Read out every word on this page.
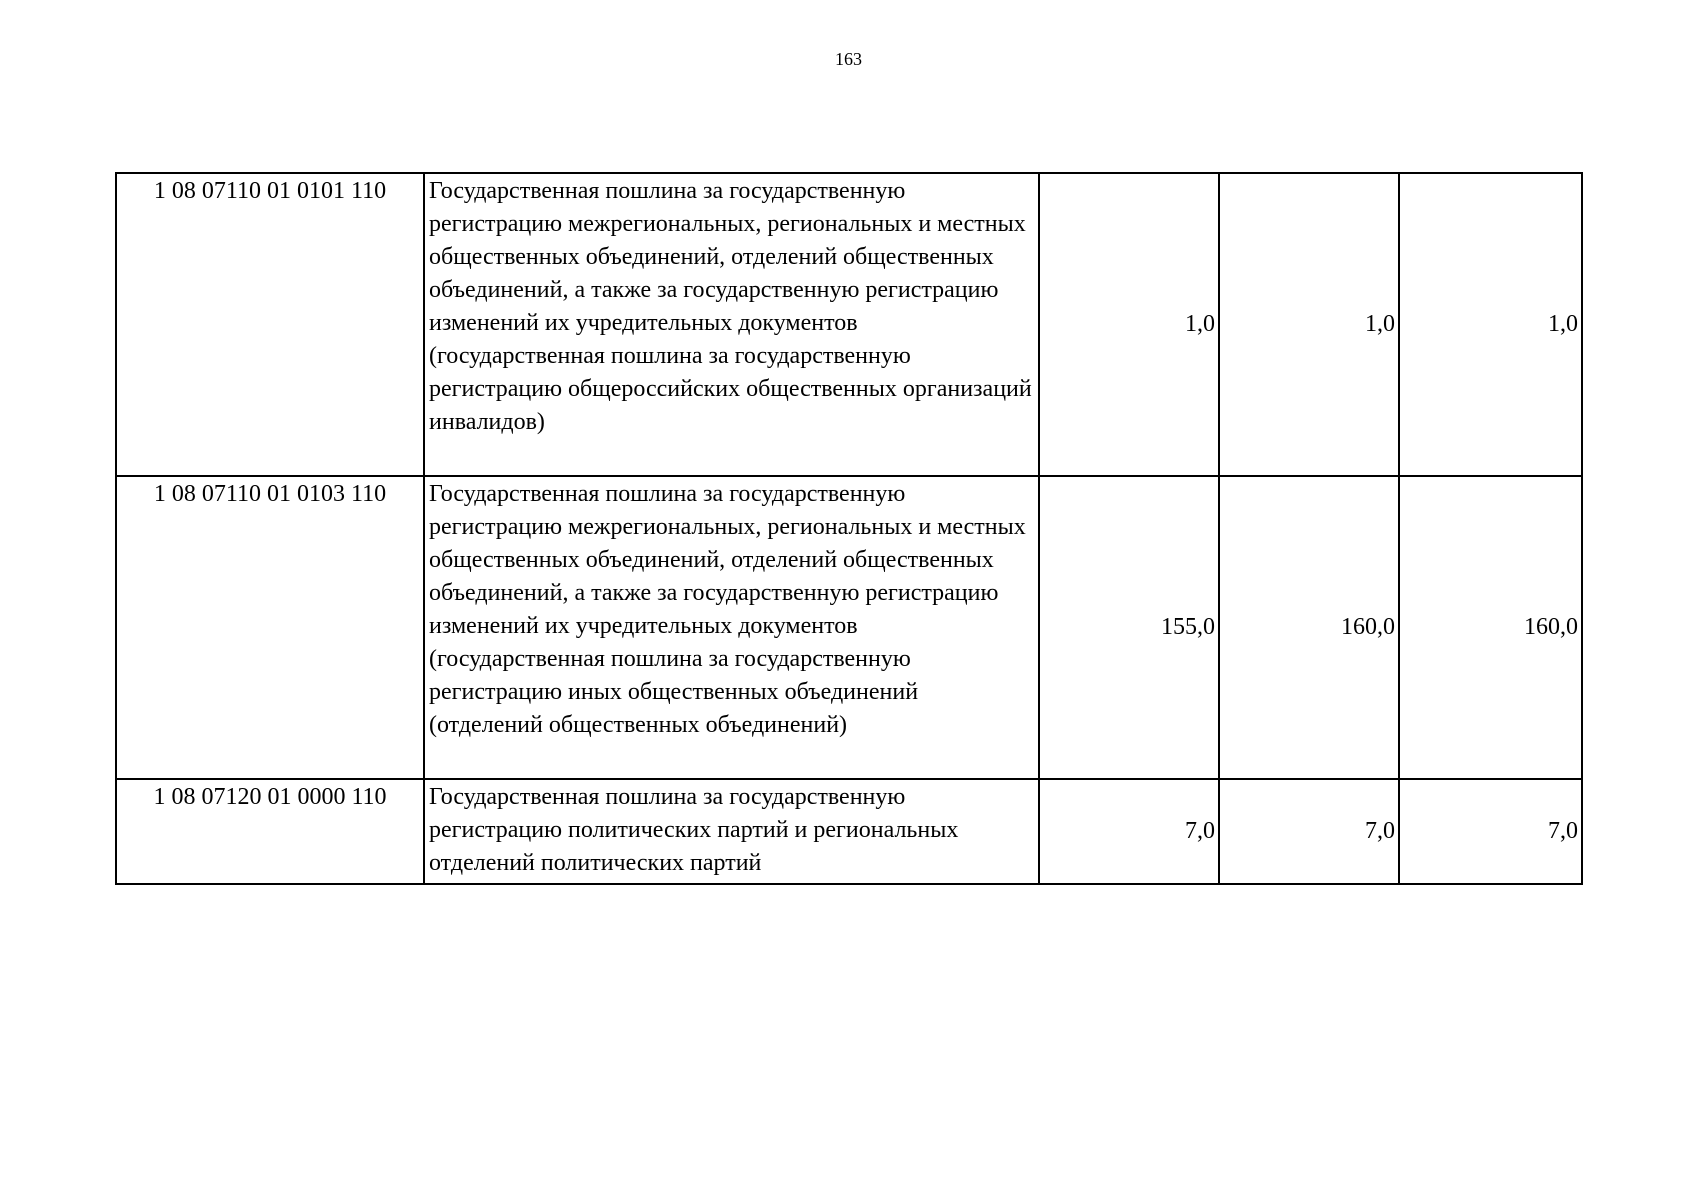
163
1 08 07110 01 0101 110	Государственная пошлина за государственную регистрацию межрегиональных, региональных и местных общественных объединений, отделений общественных объединений, а также за государственную регистрацию изменений их учредительных документов (государственная пошлина за государственную регистрацию общероссийских общественных организаций инвалидов)	1,0	1,0	1,0
1 08 07110 01 0103 110	Государственная пошлина за государственную регистрацию межрегиональных, региональных и местных общественных объединений, отделений общественных объединений, а также за государственную регистрацию изменений их учредительных документов (государственная пошлина за государственную регистрацию иных общественных объединений (отделений общественных объединений)	155,0	160,0	160,0
1 08 07120 01 0000 110	Государственная пошлина за государственную регистрацию политических партий и региональных отделений политических партий	7,0	7,0	7,0
